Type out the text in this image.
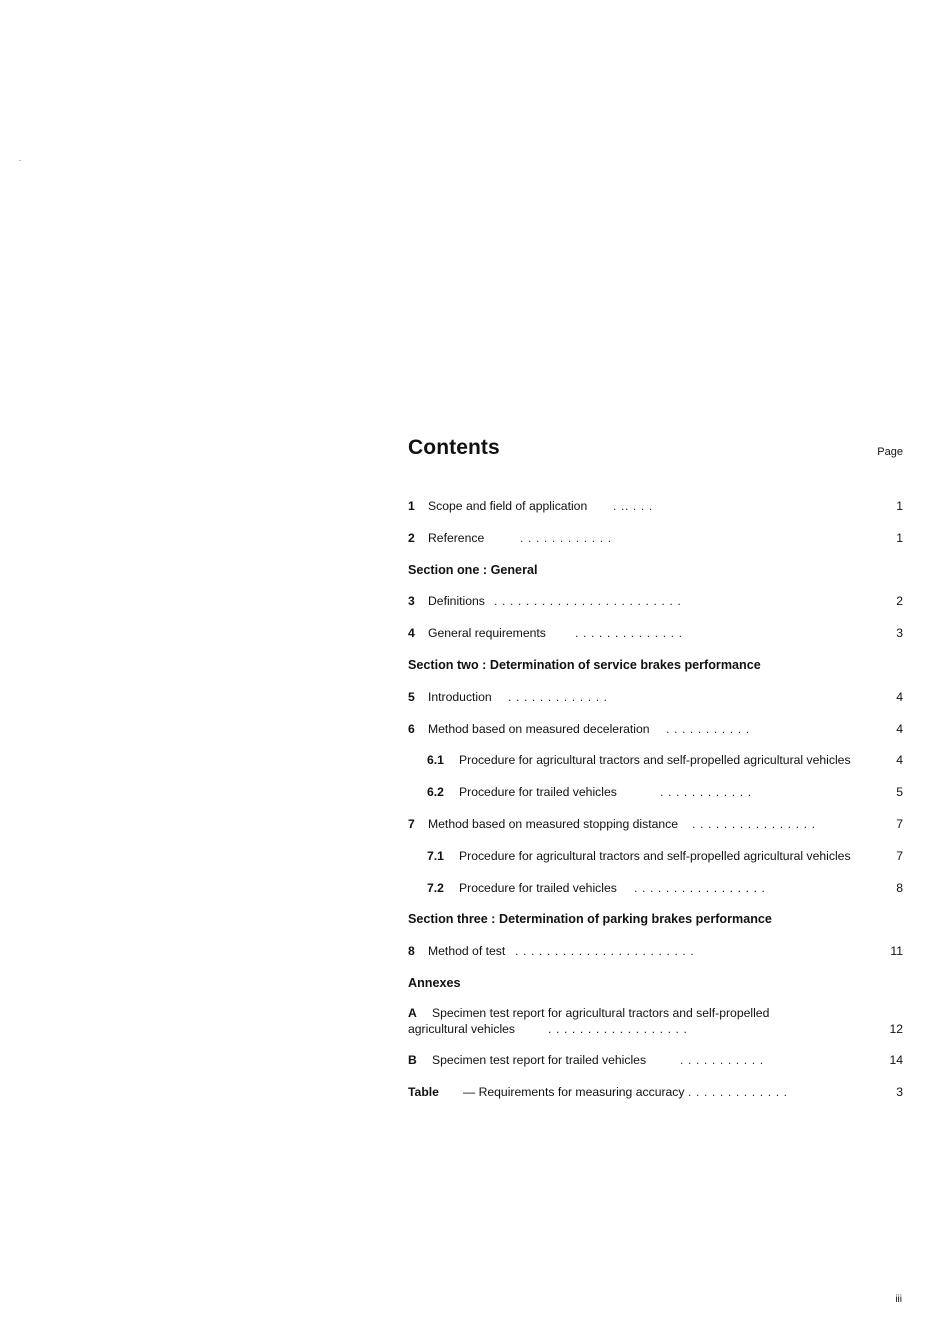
Contents	Page
1 Scope and field of application . .. . . .	1
2 Reference	. . . . . . . . . . . .	1
Section one : General
3 Definitions . . . . . . . . . . . . . . . . . . . . . . . .	2
4 General requirements . . . . . . . . . . . . . .	3
Section two : Determination of service brakes performance
5 Introduction . . . . . . . . . . . . .	4
6 Method based on measured deceleration . . . . . . . . . . .	4
6.1 Procedure for agricultural tractors and self-propelled agricultural vehicles	4
6.2 Procedure for trailed vehicles	. . . . . . . . . . . .	5
7 Method based on measured stopping distance . . . . . . . . . . . . . . . .	7
7.1 Procedure for agricultural tractors and self-propelled agricultural vehicles	7
7.2 Procedure for trailed vehicles . . . . . . . . . . . . . . . . .	8
Section three : Determination of parking brakes performance
8 Method of test . . . . . . . . . . . . . . . . . . . . . . .	11
Annexes
A Specimen test report for agricultural tractors and self-propelled
agricultural vehicles	. . . . . . . . . . . . . . . . . .	12
B Specimen test report for trailed vehicles	. . . . . . . . . . .	14
Table — Requirements for measuring accuracy . . . . . . . . . . . . .	3
iii
